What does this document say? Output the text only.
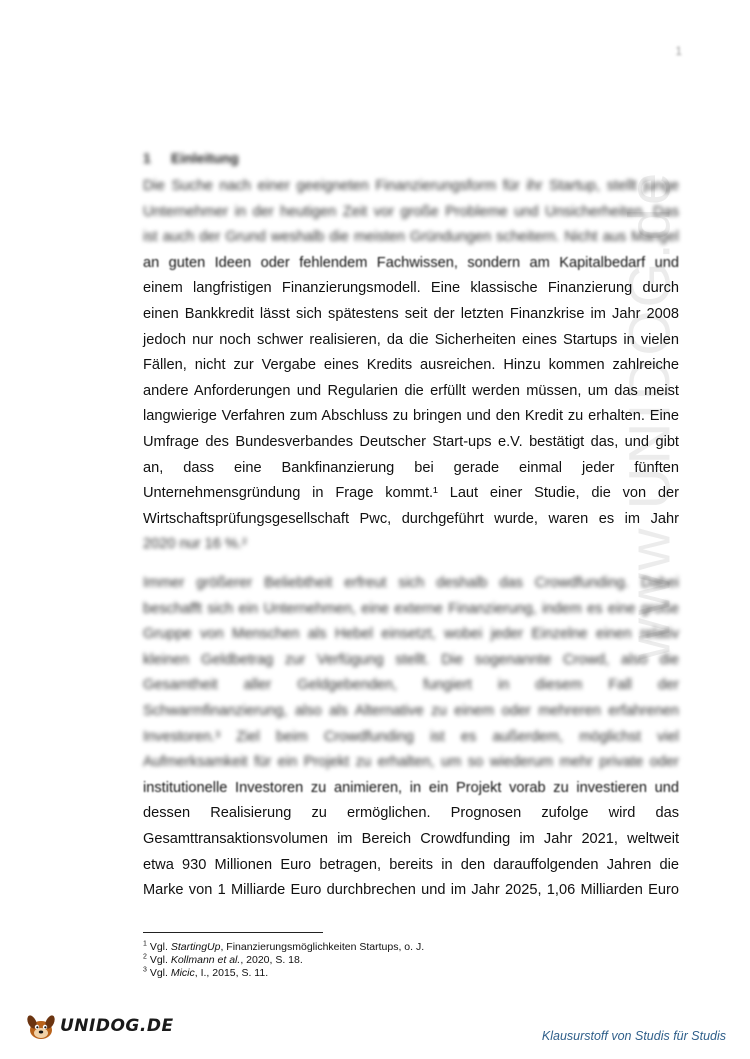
1
www.UNIDOG.de
1 Einleitung
Die Suche nach einer geeigneten Finanzierungsform für ihr Startup, stellt junge
Unternehmer in der heutigen Zeit vor große Probleme und Unsicherheiten. Das
ist auch der Grund weshalb die meisten Gründungen scheitern. Nicht aus Mangel
an guten Ideen oder fehlendem Fachwissen, sondern am Kapitalbedarf und
einem langfristigen Finanzierungsmodell. Eine klassische Finanzierung durch
einen Bankkredit lässt sich spätestens seit der letzten Finanzkrise im Jahr 2008
jedoch nur noch schwer realisieren, da die Sicherheiten eines Startups in vielen
Fällen, nicht zur Vergabe eines Kredits ausreichen. Hinzu kommen zahlreiche
andere Anforderungen und Regularien die erfüllt werden müssen, um das meist
langwierige Verfahren zum Abschluss zu bringen und den Kredit zu erhalten. Eine
Umfrage des Bundesverbandes Deutscher Start-ups e.V. bestätigt das, und gibt
an, dass eine Bankfinanzierung bei gerade einmal jeder fünften
Unternehmensgründung in Frage kommt.¹ Laut einer Studie, die von der
Wirtschaftsprüfungsgesellschaft Pwc, durchgeführt wurde, waren es im Jahr
2020 nur 16 %.²
Immer größerer Beliebtheit erfreut sich deshalb das Crowdfunding. Dabei
beschafft sich ein Unternehmen, eine externe Finanzierung, indem es eine große
Gruppe von Menschen als Hebel einsetzt, wobei jeder Einzelne einen relativ
kleinen Geldbetrag zur Verfügung stellt. Die sogenannte Crowd, also die
Gesamtheit aller Geldgebenden, fungiert in diesem Fall der
Schwarmfinanzierung, also als Alternative zu einem oder mehreren erfahrenen
Investoren.³ Ziel beim Crowdfunding ist es außerdem, möglichst viel
Aufmerksamkeit für ein Projekt zu erhalten, um so wiederum mehr private oder
institutionelle Investoren zu animieren, in ein Projekt vorab zu investieren und
dessen Realisierung zu ermöglichen. Prognosen zufolge wird das
Gesamttransaktionsvolumen im Bereich Crowdfunding im Jahr 2021, weltweit
etwa 930 Millionen Euro betragen, bereits in den darauffolgenden Jahren die
Marke von 1 Milliarde Euro durchbrechen und im Jahr 2025, 1,06 Milliarden Euro
$^1$ Vgl. StartingUp, Finanzierungsmöglichkeiten Startups, o. J.
$^2$ Vgl. Kollmann et al., 2020, S. 18.
$^3$ Vgl. Micic, I., 2015, S. 11.
UNIDOG.DE	Klausurstoff von Studis für Studis
